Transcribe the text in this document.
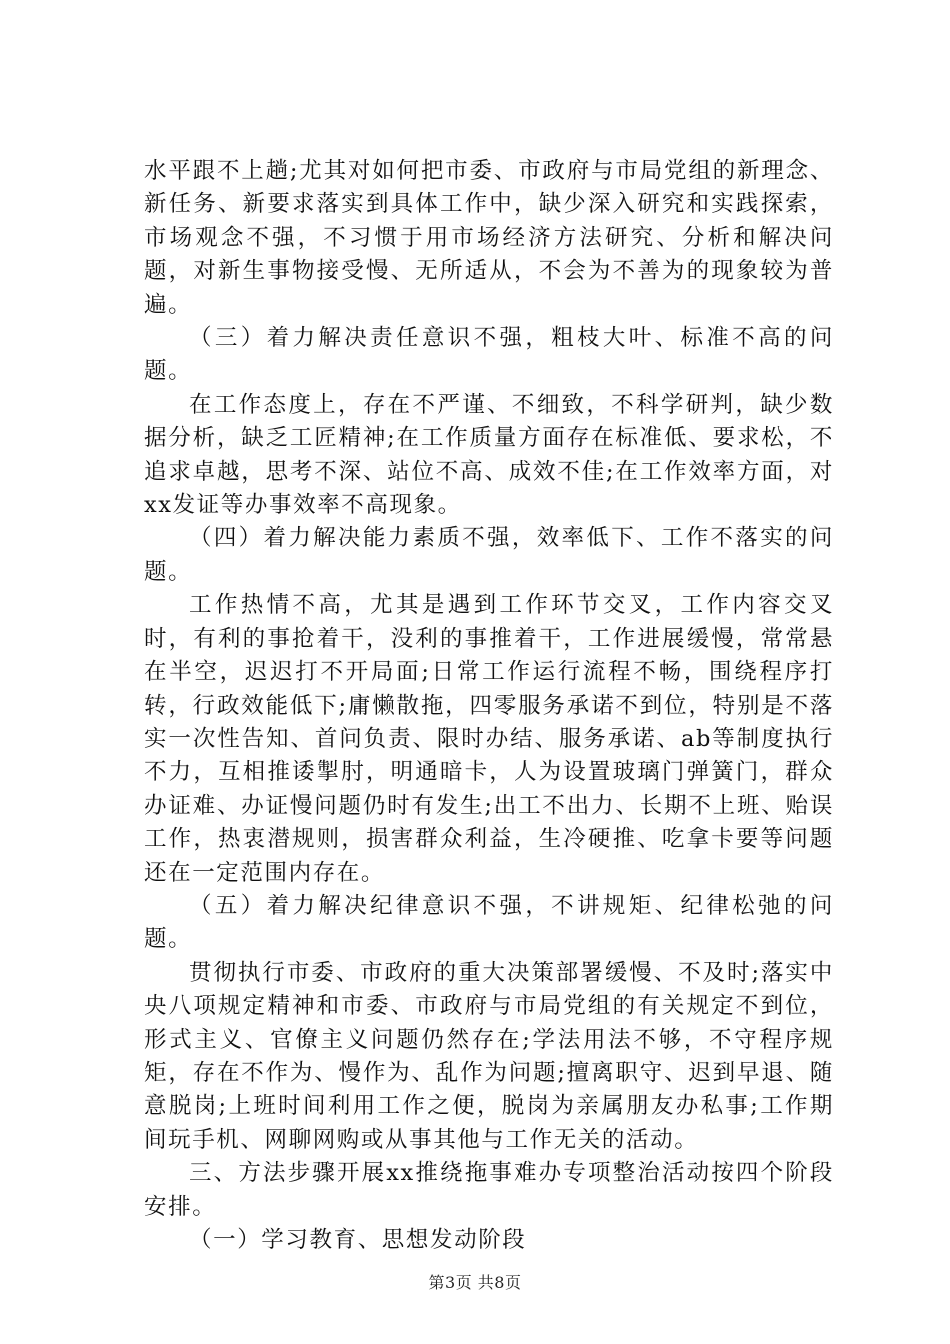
水平跟不上趟;尤其对如何把市委、市政府与市局党组的新理念、新任务、新要求落实到具体工作中，缺少深入研究和实践探索，市场观念不强，不习惯于用市场经济方法研究、分析和解决问题，对新生事物接受慢、无所适从，不会为不善为的现象较为普遍。

（三）着力解决责任意识不强，粗枝大叶、标准不高的问题。

在工作态度上，存在不严谨、不细致，不科学研判，缺少数据分析，缺乏工匠精神;在工作质量方面存在标准低、要求松，不追求卓越，思考不深、站位不高、成效不佳;在工作效率方面，对xx发证等办事效率不高现象。

（四）着力解决能力素质不强，效率低下、工作不落实的问题。

工作热情不高，尤其是遇到工作环节交叉，工作内容交叉时，有利的事抢着干，没利的事推着干，工作进展缓慢，常常悬在半空，迟迟打不开局面;日常工作运行流程不畅，围绕程序打转，行政效能低下;庸懒散拖，四零服务承诺不到位，特别是不落实一次性告知、首问负责、限时办结、服务承诺、ab等制度执行不力，互相推诿掣肘，明通暗卡，人为设置玻璃门弹簧门，群众办证难、办证慢问题仍时有发生;出工不出力、长期不上班、贻误工作，热衷潜规则，损害群众利益，生冷硬推、吃拿卡要等问题还在一定范围内存在。

（五）着力解决纪律意识不强，不讲规矩、纪律松弛的问题。

贯彻执行市委、市政府的重大决策部署缓慢、不及时;落实中央八项规定精神和市委、市政府与市局党组的有关规定不到位，形式主义、官僚主义问题仍然存在;学法用法不够，不守程序规矩，存在不作为、慢作为、乱作为问题;擅离职守、迟到早退、随意脱岗;上班时间利用工作之便，脱岗为亲属朋友办私事;工作期间玩手机、网聊网购或从事其他与工作无关的活动。

三、方法步骤开展xx推绕拖事难办专项整治活动按四个阶段安排。

（一）学习教育、思想发动阶段

第3页 共8页
